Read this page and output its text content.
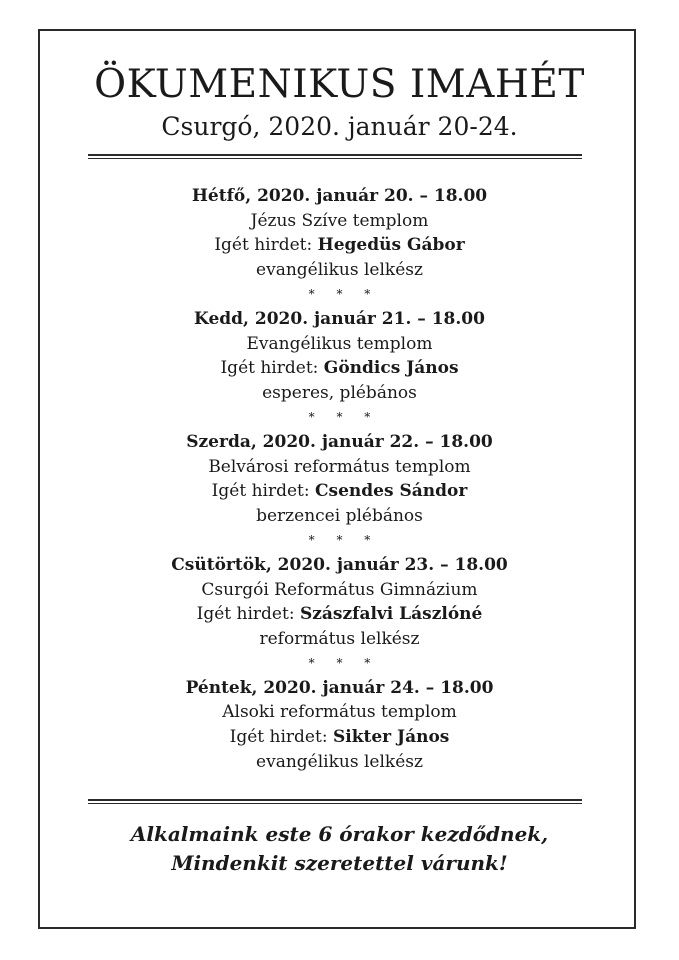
ÖKUMENIKUS IMAHÉT
Csurgó, 2020. január 20-24.
Hétfő, 2020. január 20. – 18.00
Jézus Szíve templom
Igét hirdet: Hegedüs Gábor
evangélikus lelkész
* * *
Kedd, 2020. január 21. – 18.00
Evangélikus templom
Igét hirdet: Göndics János
esperes, plébános
* * *
Szerda, 2020. január 22. – 18.00
Belvárosi református templom
Igét hirdet: Csendes Sándor
berzencei plébános
* * *
Csütörtök, 2020. január 23. – 18.00
Csurgói Református Gimnázium
Igét hirdet: Szászfalvi Lászlóné
református lelkész
* * *
Péntek, 2020. január 24. – 18.00
Alsoki református templom
Igét hirdet: Sikter János
evangélikus lelkész
Alkalmaink este 6 órakor kezdődnek,
Mindenkit szeretettel várunk!
